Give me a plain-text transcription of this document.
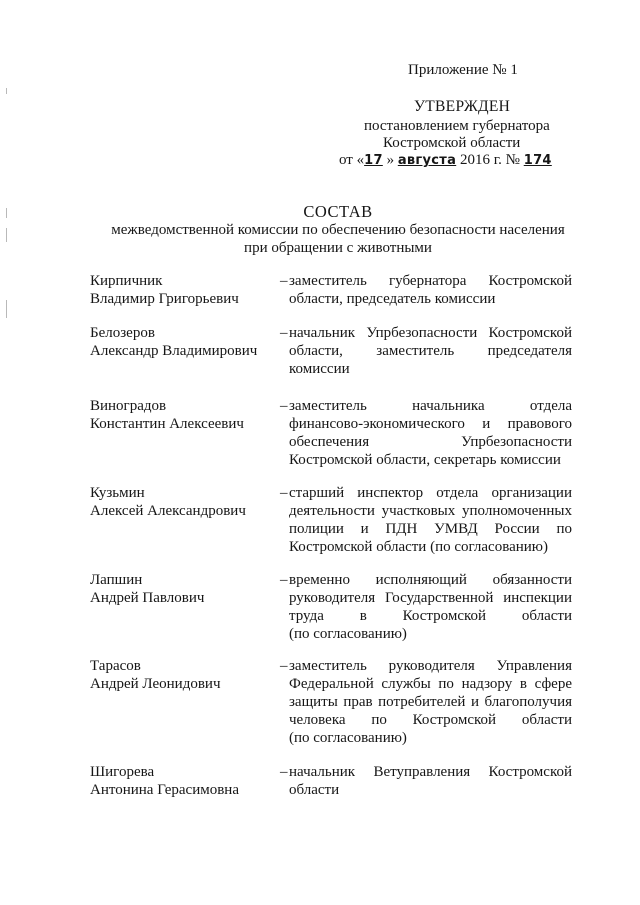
Приложение № 1
УТВЕРЖДЕН
постановлением губернатора
Костромской области
от «17 » августа 2016 г. № 174
СОСТАВ
межведомственной комиссии по обеспечению безопасности населения
при обращении с животными
Кирпичник
Владимир Григорьевич
– заместитель губернатора Костромской
области, председатель комиссии
Белозеров
Александр Владимирович
– начальник Упрбезопасности Костромской
области, заместитель председателя
комиссии
Виноградов
Константин Алексеевич
– заместитель начальника отдела
финансово-экономического и правового
обеспечения Упрбезопасности
Костромской области, секретарь комиссии
Кузьмин
Алексей Александрович
– старший инспектор отдела организации
деятельности участковых уполномоченных
полиции и ПДН УМВД России по
Костромской области (по согласованию)
Лапшин
Андрей Павлович
– временно исполняющий обязанности
руководителя Государственной инспекции
труда в Костромской области
(по согласованию)
Тарасов
Андрей Леонидович
– заместитель руководителя Управления
Федеральной службы по надзору в сфере
защиты прав потребителей и благополучия
человека по Костромской области
(по согласованию)
Шигорева
Антонина Герасимовна
– начальник Ветуправления Костромской
области
